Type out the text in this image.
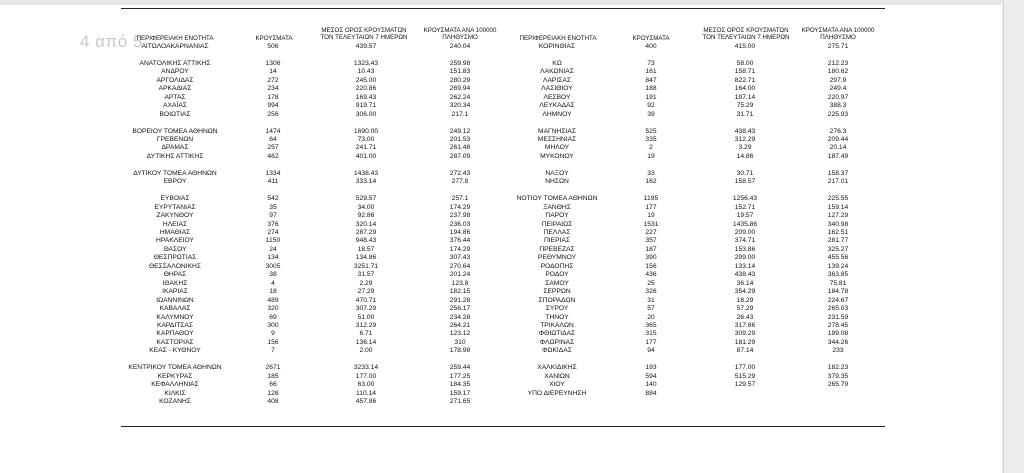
4 από 5
ΠΕΡΙΦΕΡΕΙΑΚΗ ΕΝΟΤΗΤΑ	ΚΡΟΥΣΜΑΤΑ
ΜΕΣΟΣ ΟΡΟΣ ΚΡΟΥΣΜΑΤΩΝ
ΤΟΝ ΤΕΛΕΥΤΑΙΩΝ 7 ΗΜΕΡΩΝ
ΚΡΟΥΣΜΑΤΑ ΑΝΑ 100000
ΠΛΗΘΥΣΜΟ	ΠΕΡΙΦΕΡΕΙΑΚΗ ΕΝΟΤΗΤΑ	ΚΡΟΥΣΜΑΤΑ
ΜΕΣΟΣ ΟΡΟΣ ΚΡΟΥΣΜΑΤΩΝ
ΤΟΝ ΤΕΛΕΥΤΑΙΩΝ 7 ΗΜΕΡΩΝ
ΚΡΟΥΣΜΑΤΑ ΑΝΑ 100000
ΠΛΗΘΥΣΜΟ
ΑΙΤΩΛΟΑΚΑΡΝΑΝΙΑΣ	506	439.57	240.04
ΑΝΑΤΟΛΙΚΗΣ ΑΤΤΙΚΗΣ	1306	1323.43	259.98
ΑΝΔΡΟΥ	14	10.43	151.83
ΑΡΓΟΛΙΔΑΣ	272	245.00	280.29
ΑΡΚΑΔΙΑΣ	234	220.86	269.94
ΑΡΤΑΣ	178	169.43	262.24
ΑΧΑΪΑΣ	994	919.71	320.34
ΒΟΙΩΤΙΑΣ	256	306.00	217.1
ΒΟΡΕΙΟΥ ΤΟΜΕΑ ΑΘΗΝΩΝ	1474	1690.00	249.12
ΓΡΕΒΕΝΩΝ	64	73.00	201.53
ΔΡΑΜΑΣ	257	241.71	261.48
ΔΥΤΙΚΗΣ ΑΤΤΙΚΗΣ	462	401.00	287.09
ΔΥΤΙΚΟΥ ΤΟΜΕΑ ΑΘΗΝΩΝ	1334	1438.43	272.43
ΕΒΡΟΥ	411	333.14	277.8
ΕΥΒΟΙΑΣ	542	529.57	257.1
ΕΥΡΥΤΑΝΙΑΣ	35	34.00	174.29
ΖΑΚΥΝΘΟΥ	97	92.86	237.98
ΗΛΕΙΑΣ	376	320.14	236.03
ΗΜΑΘΙΑΣ	274	287.29	194.86
ΗΡΑΚΛΕΙΟΥ	1150	948.43	376.44
ΘΑΣΟΥ	24	18.57	174.29
ΘΕΣΠΡΩΤΙΑΣ	134	134.86	307.43
ΘΕΣΣΑΛΟΝΙΚΗΣ	3005	3251.71	270.64
ΘΗΡΑΣ	38	31.57	201.24
ΙΘΑΚΗΣ	4	2.29	123.8
ΙΚΑΡΙΑΣ	18	27.29	182.15
ΙΩΑΝΝΙΝΩΝ	489	470.71	291.28
ΚΑΒΑΛΑΣ	320	307.29	256.17
ΚΑΛΥΜΝΟΥ	69	51.00	234.28
ΚΑΡΔΙΤΣΑΣ	300	312.29	264.21
ΚΑΡΠΑΘΟΥ	9	6.71	123.12
ΚΑΣΤΟΡΙΑΣ	156	136.14	310
ΚΕΑΣ - ΚΥΘΝΟΥ	7	2.00	178.98
ΚΕΝΤΡΙΚΟΥ ΤΟΜΕΑ ΑΘΗΝΩΝ	2671	3233.14	259.44
ΚΕΡΚΥΡΑΣ	185	177.00	177.25
ΚΕΦΑΛΛΗΝΙΑΣ	66	63.00	184.35
ΚΙΛΚΙΣ	128	110.14	159.17
ΚΟΖΑΝΗΣ	408	457.86	271.65
ΚΟΡΙΝΘΙΑΣ	400	415.00	275.71
ΚΩ	73	58.00	212.23
ΛΑΚΩΝΙΑΣ	161	158.71	180.62
ΛΑΡΙΣΑΣ	847	822.71	297.9
ΛΑΣΙΘΙΟΥ	188	164.00	249.4
ΛΕΣΒΟΥ	191	197.14	220.97
ΛΕΥΚΑΔΑΣ	92	75.29	388.3
ΛΗΜΝΟΥ	39	31.71	225.93
ΜΑΓΝΗΣΙΑΣ	525	438.43	276.3
ΜΕΣΣΗΝΙΑΣ	335	312.29	209.44
ΜΗΛΟΥ	2	3.29	20.14
ΜΥΚΟΝΟΥ	19	14.86	187.49
ΝΑΞΟΥ	33	30.71	158.37
ΝΗΣΩΝ	162	158.57	217.01
ΝΟΤΙΟΥ ΤΟΜΕΑ ΑΘΗΝΩΝ	1195	1256.43	225.55
ΞΑΝΘΗΣ	177	152.71	159.14
ΠΑΡΟΥ	19	19.57	127.29
ΠΕΙΡΑΙΩΣ	1531	1435.86	340.98
ΠΕΛΛΑΣ	227	209.00	162.51
ΠΙΕΡΙΑΣ	357	374.71	281.77
ΠΡΕΒΕΖΑΣ	187	153.86	325.27
ΡΕΘΥΜΝΟΥ	390	299.00	455.56
ΡΟΔΟΠΗΣ	156	133.14	139.24
ΡΟΔΟΥ	436	438.43	363.85
ΣΑΜΟΥ	25	36.14	75.81
ΣΕΡΡΩΝ	326	354.29	184.78
ΣΠΟΡΑΔΩΝ	31	18.29	224.67
ΣΥΡΟΥ	57	57.29	265.03
ΤΗΝΟΥ	20	26.43	231.59
ΤΡΙΚΑΛΩΝ	365	317.86	278.45
ΦΘΙΩΤΙΔΑΣ	315	309.29	199.08
ΦΛΩΡΙΝΑΣ	177	181.29	344.26
ΦΩΚΙΔΑΣ	94	87.14	233
ΧΑΛΚΙΔΙΚΗΣ	193	177.00	182.23
ΧΑΝΙΩΝ	594	515.29	379.35
ΧΙΟΥ	140	129.57	265.79
ΥΠΟ ΔΙΕΡΕΥΝΗΣΗ	884
